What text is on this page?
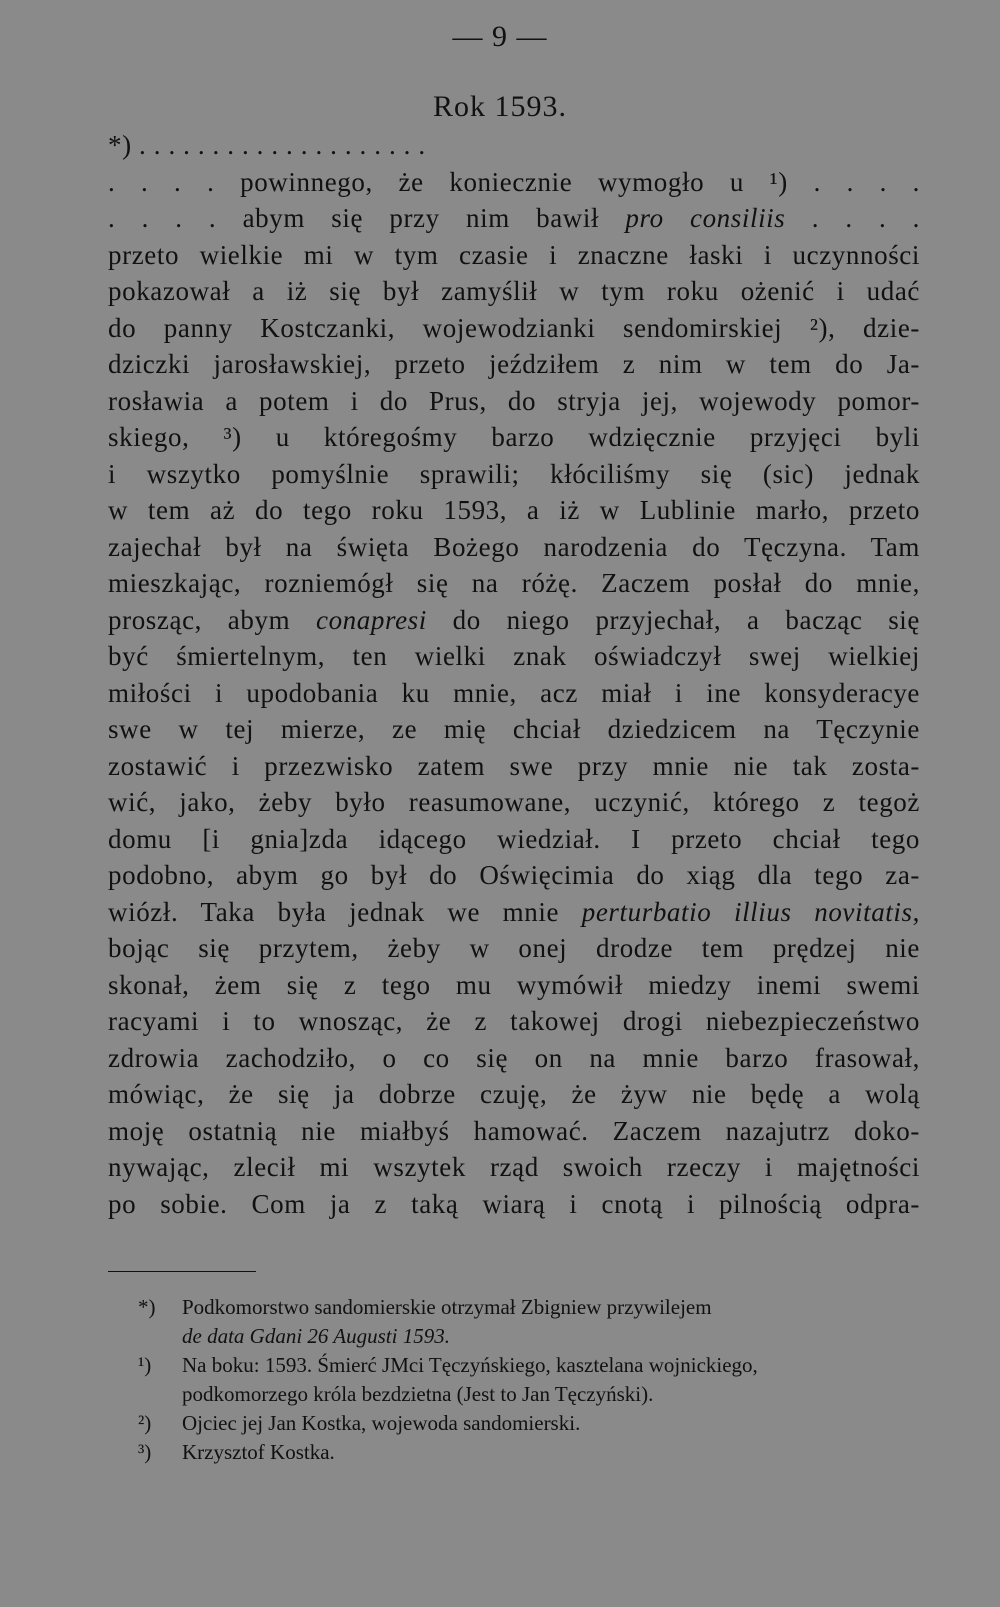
— 9 —
Rok 1593.
*) . . . . . . . . . . . . . . . . . . . .
. . . . powinnego, że koniecznie wymogło u ¹) . . . .
. . . . abym się przy nim bawił pro consiliis . . . .
przeto wielkie mi w tym czasie i znaczne łaski i uczynności
pokazował a iż się był zamyślił w tym roku ożenić i udać
do panny Kostczanki, wojewodzianki sendomirskiej ²), dzie-
dziczki jarosławskiej, przeto jeździłem z nim w tem do Ja-
rosławia a potem i do Prus, do stryja jej, wojewody pomor-
skiego, ³) u któregośmy barzo wdzięcznie przyjęci byli
i wszytko pomyślnie sprawili; kłóciliśmy się (sic) jednak
w tem aż do tego roku 1593, a iż w Lublinie marło, przeto
zajechał był na święta Bożego narodzenia do Tęczyna. Tam
mieszkając, rozniemógł się na różę. Zaczem posłał do mnie,
prosząc, abym conapresi do niego przyjechał, a bacząc się
być śmiertelnym, ten wielki znak oświadczył swej wielkiej
miłości i upodobania ku mnie, acz miał i ine konsyderacye
swe w tej mierze, ze mię chciał dziedzicem na Tęczynie
zostawić i przezwisko zatem swe przy mnie nie tak zosta-
wić, jako, żeby było reasumowane, uczynić, którego z tegoż
domu [i gnia]zda idącego wiedział. I przeto chciał tego
podobno, abym go był do Oświęcimia do xiąg dla tego za-
wiózł. Taka była jednak we mnie perturbatio illius novitatis,
bojąc się przytem, żeby w onej drodze tem prędzej nie
skonał, żem się z tego mu wymówił miedzy inemi swemi
racyami i to wnosząc, że z takowej drogi niebezpieczeństwo
zdrowia zachodziło, o co się on na mnie barzo frasował,
mówiąc, że się ja dobrze czuję, że żyw nie będę a wolą
moję ostatnią nie miałbyś hamować. Zaczem nazajutrz doko-
nywając, zlecił mi wszytek rząd swoich rzeczy i majętności
po sobie. Com ja z taką wiarą i cnotą i pilnością odpra-
*)	Podkomorstwo sandomierskie otrzymał Zbigniew przywilejem
de data Gdani 26 Augusti 1593.
¹)	Na boku: 1593. Śmierć JMci Tęczyńskiego, kasztelana wojnickiego,
podkomorzego króla bezdzietna (Jest to Jan Tęczyński).
²)	Ojciec jej Jan Kostka, wojewoda sandomierski.
³)	Krzysztof Kostka.
